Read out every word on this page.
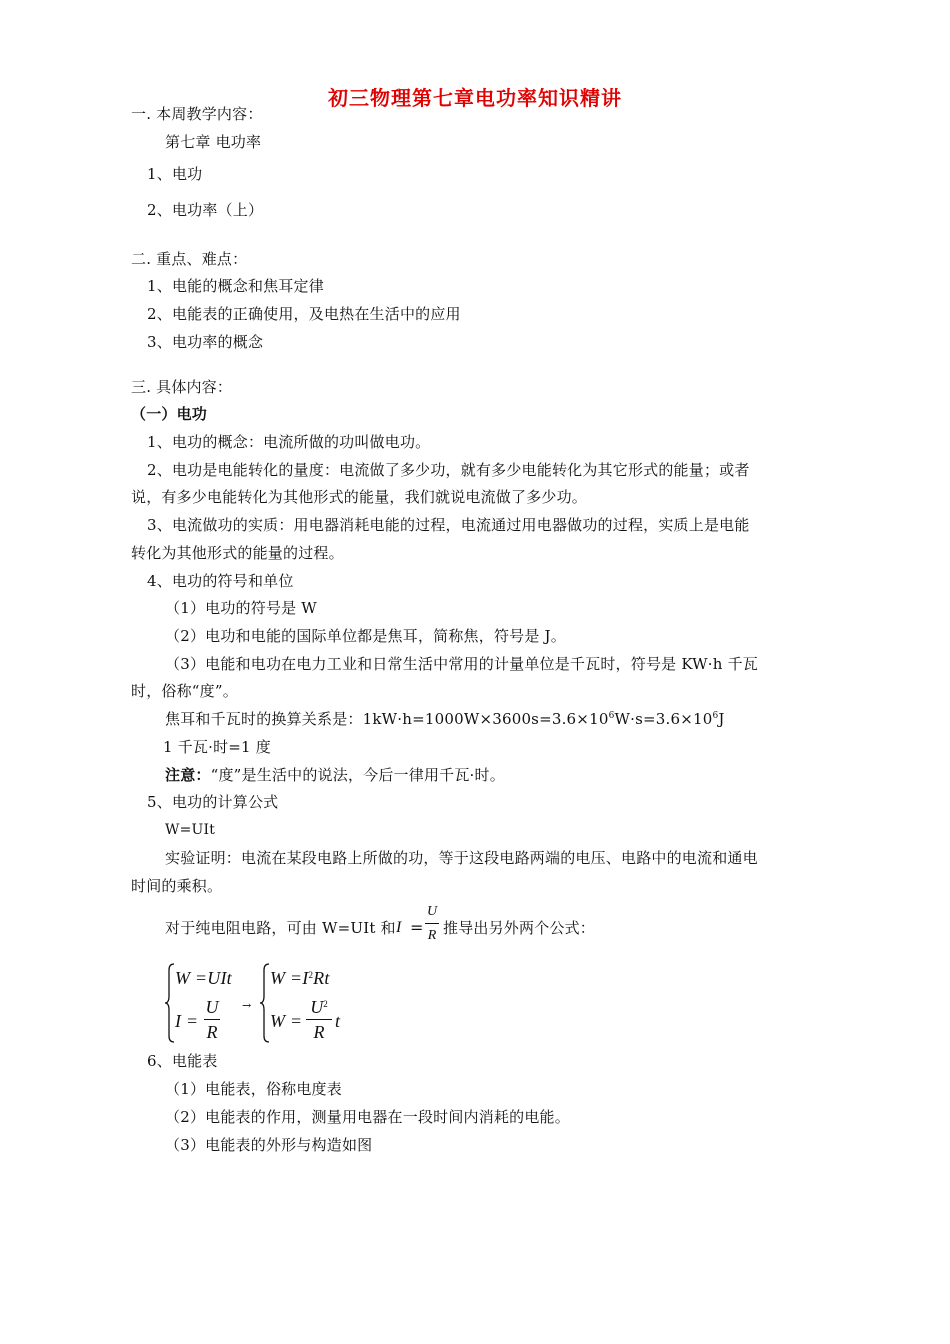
初三物理第七章电功率知识精讲
一. 本周教学内容：
第七章 电功率
1、电功
2、电功率（上）
二. 重点、难点：
1、电能的概念和焦耳定律
2、电能表的正确使用，及电热在生活中的应用
3、电功率的概念
三. 具体内容：
（一）电功
1、电功的概念：电流所做的功叫做电功。
2、电功是电能转化的量度：电流做了多少功，就有多少电能转化为其它形式的能量；或者
说，有多少电能转化为其他形式的能量，我们就说电流做了多少功。
3、电流做功的实质：用电器消耗电能的过程，电流通过用电器做功的过程，实质上是电能
转化为其他形式的能量的过程。
4、电功的符号和单位
（1）电功的符号是 W
（2）电功和电能的国际单位都是焦耳，简称焦，符号是 J。
（3）电能和电功在电力工业和日常生活中常用的计量单位是千瓦时，符号是 KW·h 千瓦
时，俗称“度”。
焦耳和千瓦时的换算关系是：$1kW\cdot h=1000W\times 3600s=3.6\times 10^6W\cdot s=3.6\times 10^6J$
1 千瓦·时=1 度
注意：“度”是生活中的说法，今后一律用千瓦·时。
5、电功的计算公式
W=UIt
实验证明：电流在某段电路上所做的功，等于这段电路两端的电压、电路中的电流和通电
时间的乘积。
对于纯电阻电路，可由 W=UIt 和 I =
U
R 推导出另外两个公式：
W =UIt
I =
U
R
→
$W =I^2Rt$
W =
$U^2$
R
t
6、电能表
（1）电能表，俗称电度表
（2）电能表的作用，测量用电器在一段时间内消耗的电能。
（3）电能表的外形与构造如图
